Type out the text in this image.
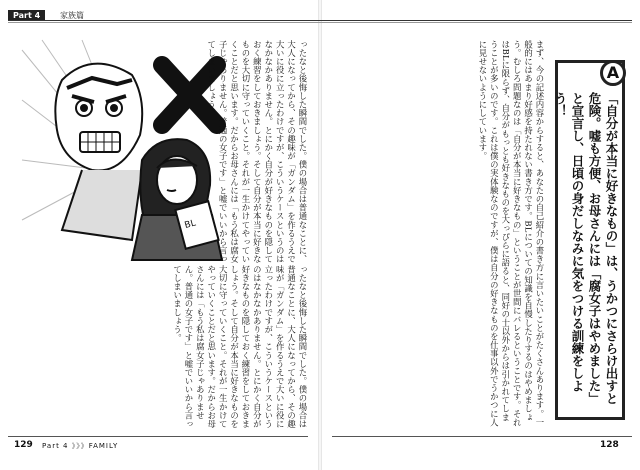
Part 4	家族篇
BL
ったなと後悔した瞬間でした。僕の場合は普通なことに、大人になってから、その趣味が「ガンダム」を作るうえで大いに役に立ったわけですが、こういうケースというのはなかなかありません。とにかく自分が好きなものを隠しておく練習をしておきましょう。そして自分が本当に好きなものを大切に守っていくこと。それが一生かけてやっていくことだと思います。だからお母さんには「もう私は腐女子じゃありません。普通の女子です」と嘘でいいから言ってしまいましょう。
ったなと後悔した瞬間でした。僕の場合は普通なことに、大人になってから、その趣味が「ガンダム」を作るうえで大いに役に立ったわけですが、こういうケースというのはなかなかありません。とにかく自分が好きなものを隠しておく練習をしておきましょう。そして自分が本当に好きなものを大切に守っていくこと。それが一生かけてやっていくことだと思います。だからお母さんには「もう私は腐女子じゃありません。普通の女子です」と嘘でいいから言ってしまいましょう。	A
「自分が本当に好きなもの」は、うかつにさらけ出すと危険。嘘も方便、お母さんには「腐女子はやめました」と宣言し、日頃の身だしなみに気をつける訓練をしよう！
まず、今の記述内容からすると、あなたの自己紹介の書き方に言いたいことがたくさんあります。一般的にはあまり好感を持たれない書き方です。BLについての知識を自慢したりするのはやめましょう。むしろ問題なのは「自分が本当に好きなもの」ということが世間にバレるということです。それはBLに限らず、自分がもっとも好きなものを大っぴらに語ると、同好の士以外からは引かれてしまうことが多いのです。これは僕の実体験なのですが、僕は自分の好きなものを仕事以外でうかつに人に見せないようにしています。
129 Part 4 》》》FAMILY	128
